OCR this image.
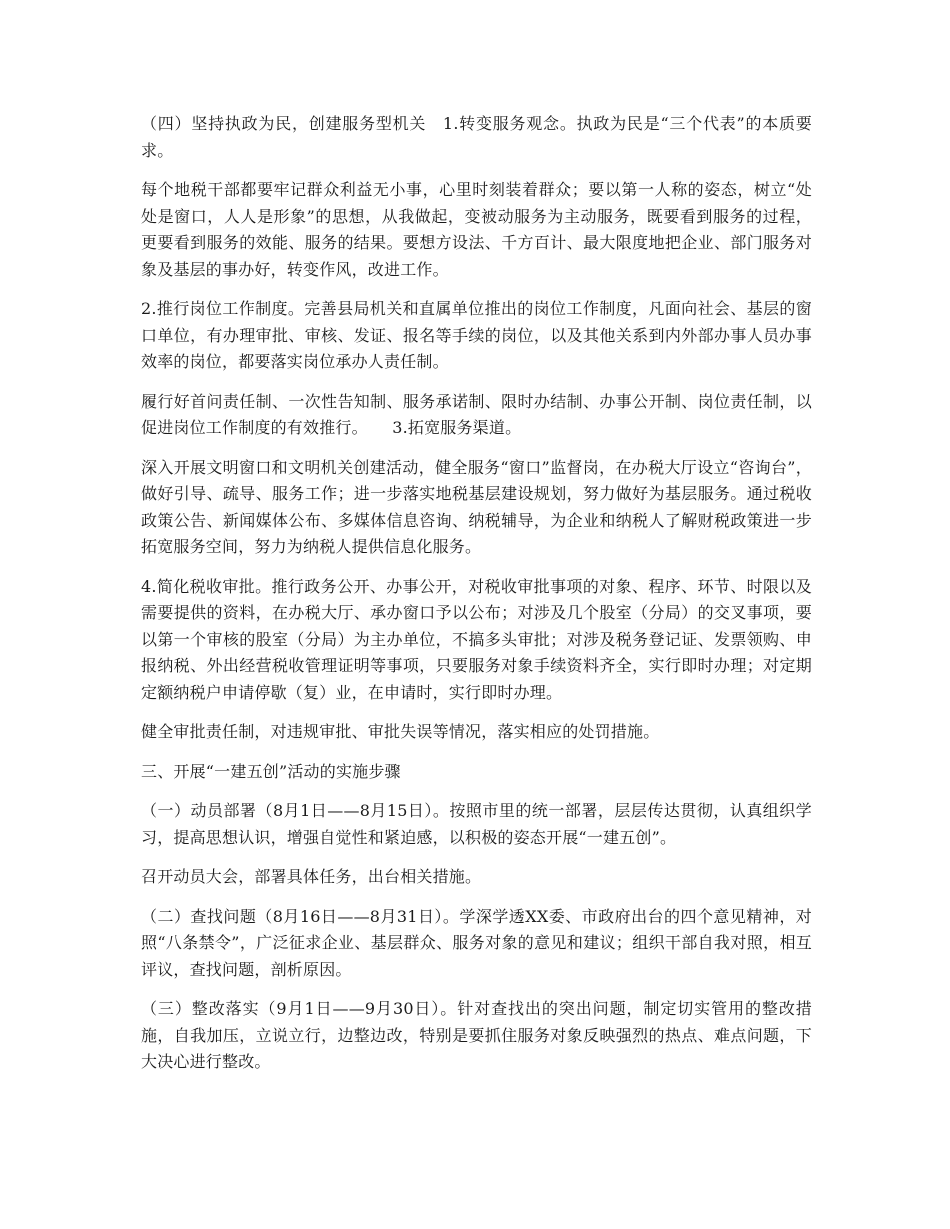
（四）坚持执政为民，创建服务型机关　1.转变服务观念。执政为民是“三个代表”的本质要求。

每个地税干部都要牢记群众利益无小事，心里时刻装着群众；要以第一人称的姿态，树立“处处是窗口，人人是形象”的思想，从我做起，变被动服务为主动服务，既要看到服务的过程，更要看到服务的效能、服务的结果。要想方设法、千方百计、最大限度地把企业、部门服务对象及基层的事办好，转变作风，改进工作。

2.推行岗位工作制度。完善县局机关和直属单位推出的岗位工作制度，凡面向社会、基层的窗口单位，有办理审批、审核、发证、报名等手续的岗位，以及其他关系到内外部办事人员办事效率的岗位，都要落实岗位承办人责任制。

履行好首问责任制、一次性告知制、服务承诺制、限时办结制、办事公开制、岗位责任制，以促进岗位工作制度的有效推行。　　3.拓宽服务渠道。

深入开展文明窗口和文明机关创建活动，健全服务“窗口”监督岗，在办税大厅设立“咨询台”，做好引导、疏导、服务工作；进一步落实地税基层建设规划，努力做好为基层服务。通过税收政策公告、新闻媒体公布、多媒体信息咨询、纳税辅导，为企业和纳税人了解财税政策进一步拓宽服务空间，努力为纳税人提供信息化服务。

4.简化税收审批。推行政务公开、办事公开，对税收审批事项的对象、程序、环节、时限以及需要提供的资料，在办税大厅、承办窗口予以公布；对涉及几个股室（分局）的交叉事项，要以第一个审核的股室（分局）为主办单位，不搞多头审批；对涉及税务登记证、发票领购、申报纳税、外出经营税收管理证明等事项，只要服务对象手续资料齐全，实行即时办理；对定期定额纳税户申请停歇（复）业，在申请时，实行即时办理。

健全审批责任制，对违规审批、审批失误等情况，落实相应的处罚措施。

三、开展“一建五创”活动的实施步骤

（一）动员部署（8月1日——8月15日）。按照市里的统一部署，层层传达贯彻，认真组织学习，提高思想认识，增强自觉性和紧迫感，以积极的姿态开展“一建五创”。

召开动员大会，部署具体任务，出台相关措施。

（二）查找问题（8月16日——8月31日）。学深学透XX委、市政府出台的四个意见精神，对照“八条禁令”，广泛征求企业、基层群众、服务对象的意见和建议；组织干部自我对照，相互评议，查找问题，剖析原因。

（三）整改落实（9月1日——9月30日）。针对查找出的突出问题，制定切实管用的整改措施，自我加压，立说立行，边整边改，特别是要抓住服务对象反映强烈的热点、难点问题，下大决心进行整改。
